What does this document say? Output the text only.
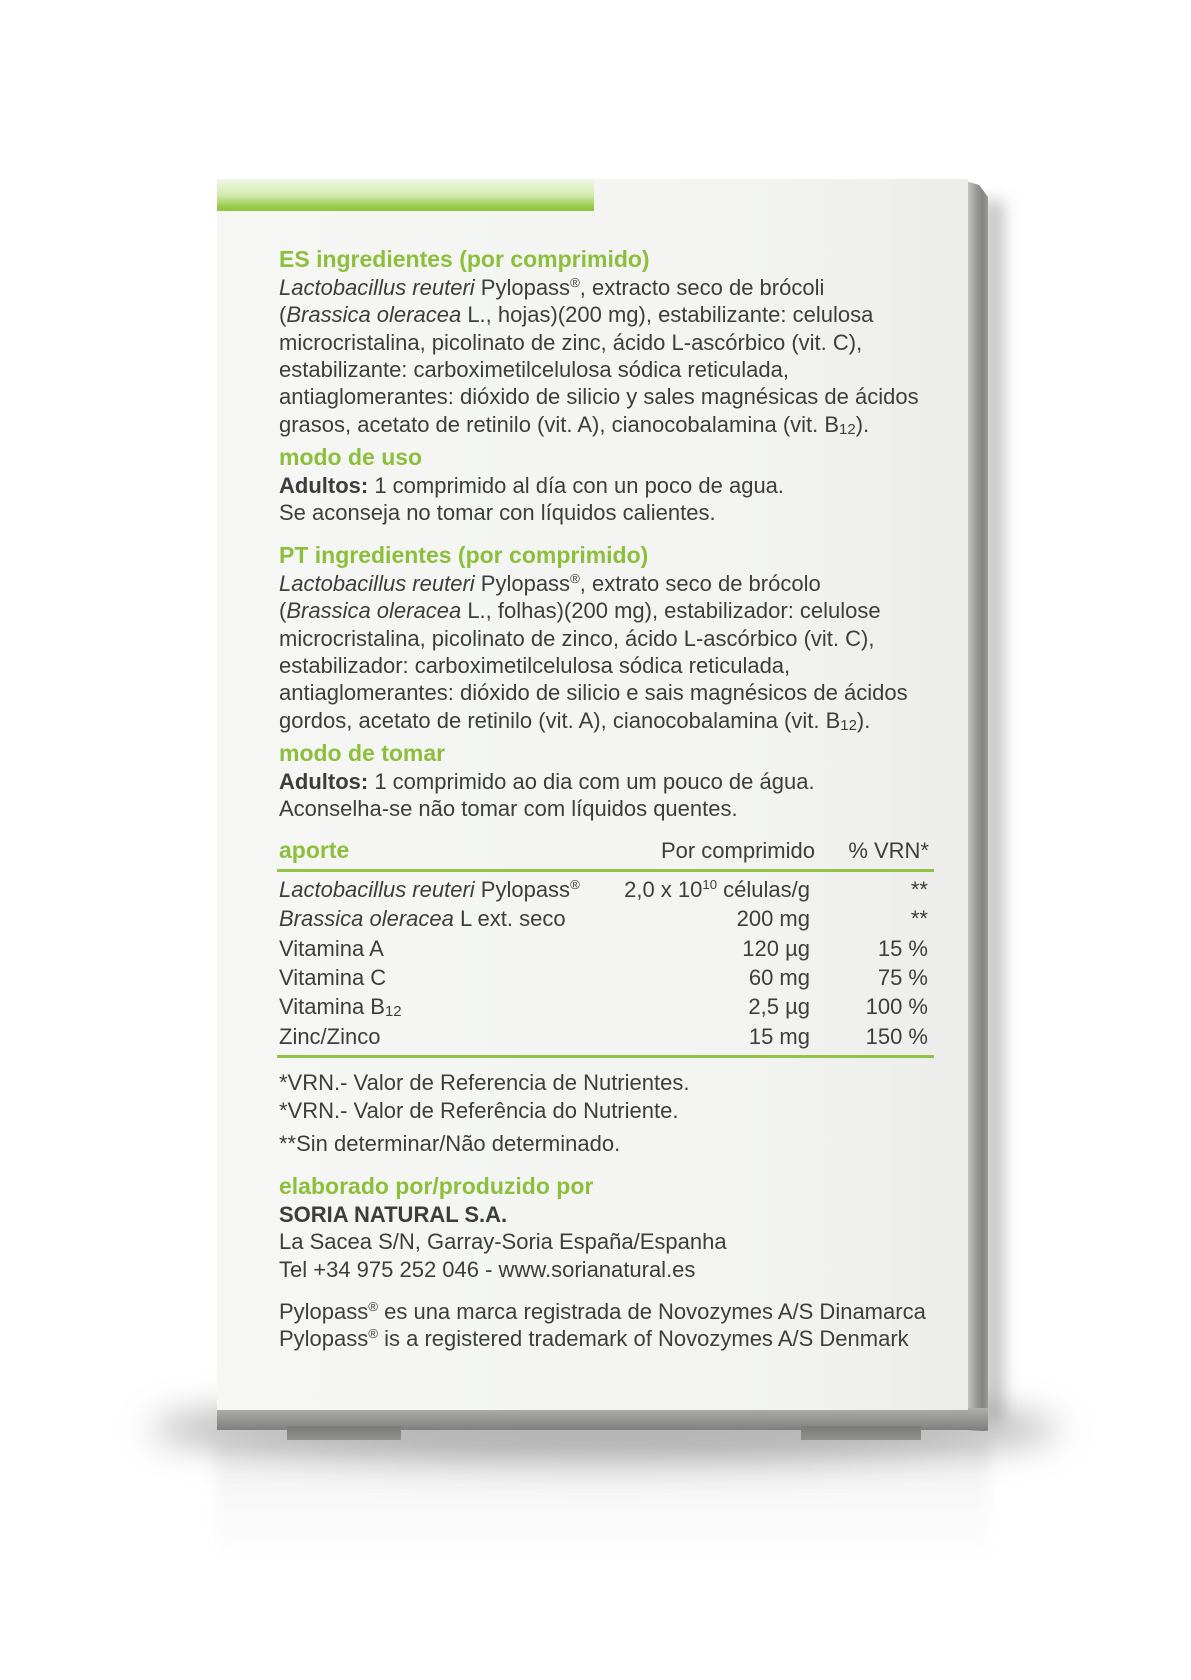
ES ingredientes (por comprimido)
Lactobacillus reuteri Pylopass®, extracto seco de brócoli
(Brassica oleracea L., hojas)(200 mg), estabilizante: celulosa
microcristalina, picolinato de zinc, ácido L-ascórbico (vit. C),
estabilizante: carboximetilcelulosa sódica reticulada,
antiaglomerantes: dióxido de silicio y sales magnésicas de ácidos
grasos, acetato de retinilo (vit. A), cianocobalamina (vit. $B_{12}$).
modo de uso
Adultos: 1 comprimido al día con un poco de agua.
Se aconseja no tomar con líquidos calientes.
PT ingredientes (por comprimido)
Lactobacillus reuteri Pylopass®, extrato seco de brócolo
(Brassica oleracea L., folhas)(200 mg), estabilizador: celulose
microcristalina, picolinato de zinco, ácido L-ascórbico (vit. C),
estabilizador: carboximetilcelulosa sódica reticulada,
antiaglomerantes: dióxido de silicio e sais magnésicos de ácidos
gordos, acetato de retinilo (vit. A), cianocobalamina (vit. $B_{12}$).
modo de tomar
Adultos: 1 comprimido ao dia com um pouco de água.
Aconselha-se não tomar com líquidos quentes.
aporte	Por comprimido	% VRN*
Lactobacillus reuteri Pylopass®	2,0 x $10^{10}$ células/g	**
Brassica oleracea L ext. seco	200 mg	**
Vitamina A	120 µg	15 %
Vitamina C	60 mg	75 %
Vitamina $B_{12}$	2,5 µg	100 %
Zinc/Zinco	15 mg	150 %
*VRN.- Valor de Referencia de Nutrientes.
*VRN.- Valor de Referência do Nutriente.
**Sin determinar/Não determinado.
elaborado por/produzido por
SORIA NATURAL S.A.
La Sacea S/N, Garray-Soria España/Espanha
Tel +34 975 252 046 - www.sorianatural.es
Pylopass® es una marca registrada de Novozymes A/S Dinamarca
Pylopass® is a registered trademark of Novozymes A/S Denmark
